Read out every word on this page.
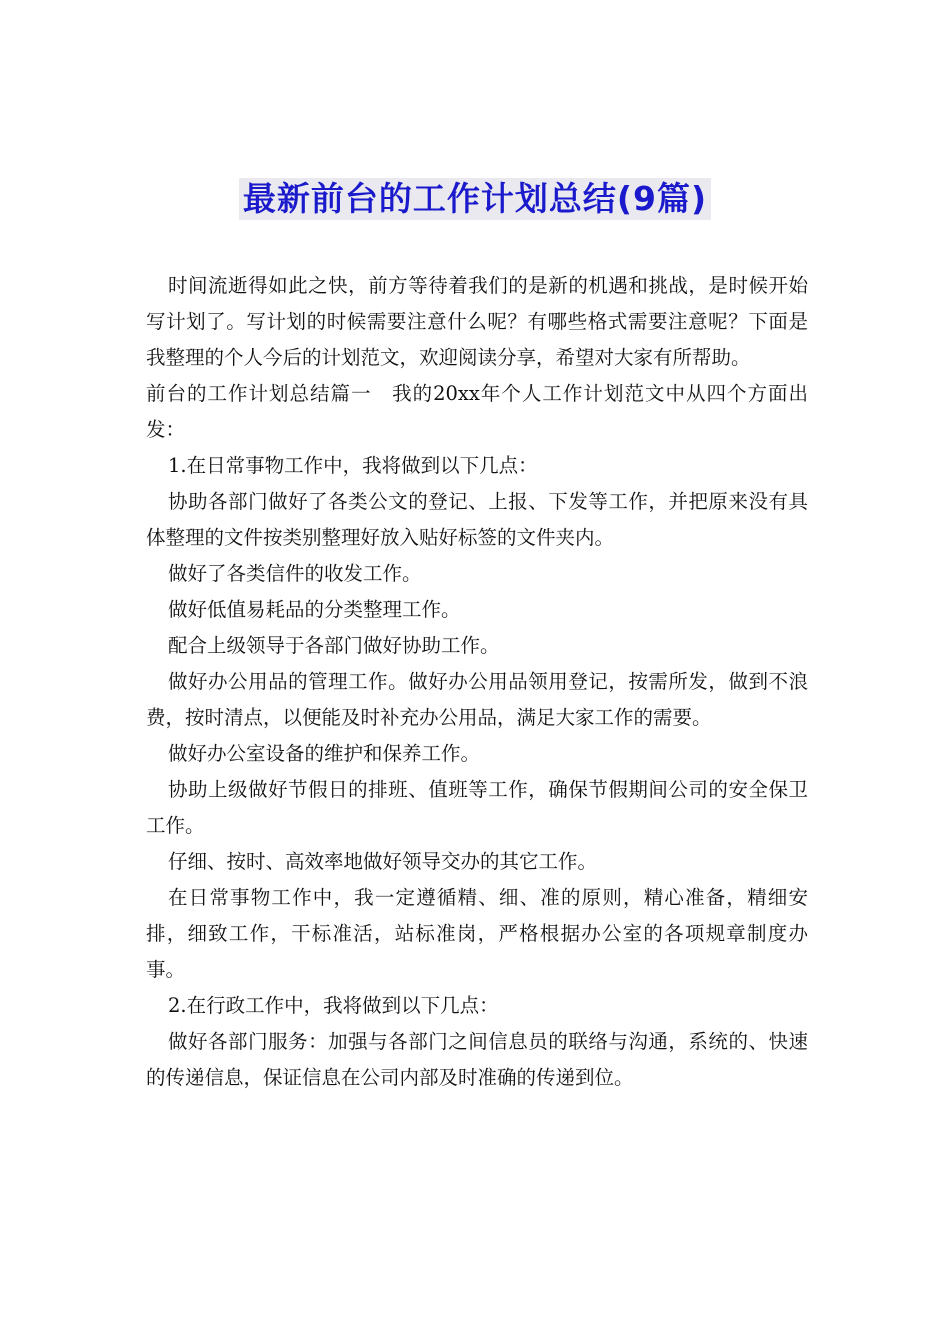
最新前台的工作计划总结(9篇)

时间流逝得如此之快，前方等待着我们的是新的机遇和挑战，是时候开始写计划了。写计划的时候需要注意什么呢？有哪些格式需要注意呢？下面是我整理的个人今后的计划范文，欢迎阅读分享，希望对大家有所帮助。

前台的工作计划总结篇一　我的20xx年个人工作计划范文中从四个方面出发：

1.在日常事物工作中，我将做到以下几点：

协助各部门做好了各类公文的登记、上报、下发等工作，并把原来没有具体整理的文件按类别整理好放入贴好标签的文件夹内。

做好了各类信件的收发工作。

做好低值易耗品的分类整理工作。

配合上级领导于各部门做好协助工作。

做好办公用品的管理工作。做好办公用品领用登记，按需所发，做到不浪费，按时清点，以便能及时补充办公用品，满足大家工作的需要。

做好办公室设备的维护和保养工作。

协助上级做好节假日的排班、值班等工作，确保节假期间公司的安全保卫工作。

仔细、按时、高效率地做好领导交办的其它工作。

在日常事物工作中，我一定遵循精、细、准的原则，精心准备，精细安排，细致工作，干标准活，站标准岗，严格根据办公室的各项规章制度办事。

2.在行政工作中，我将做到以下几点：

做好各部门服务：加强与各部门之间信息员的联络与沟通，系统的、快速的传递信息，保证信息在公司内部及时准确的传递到位。
